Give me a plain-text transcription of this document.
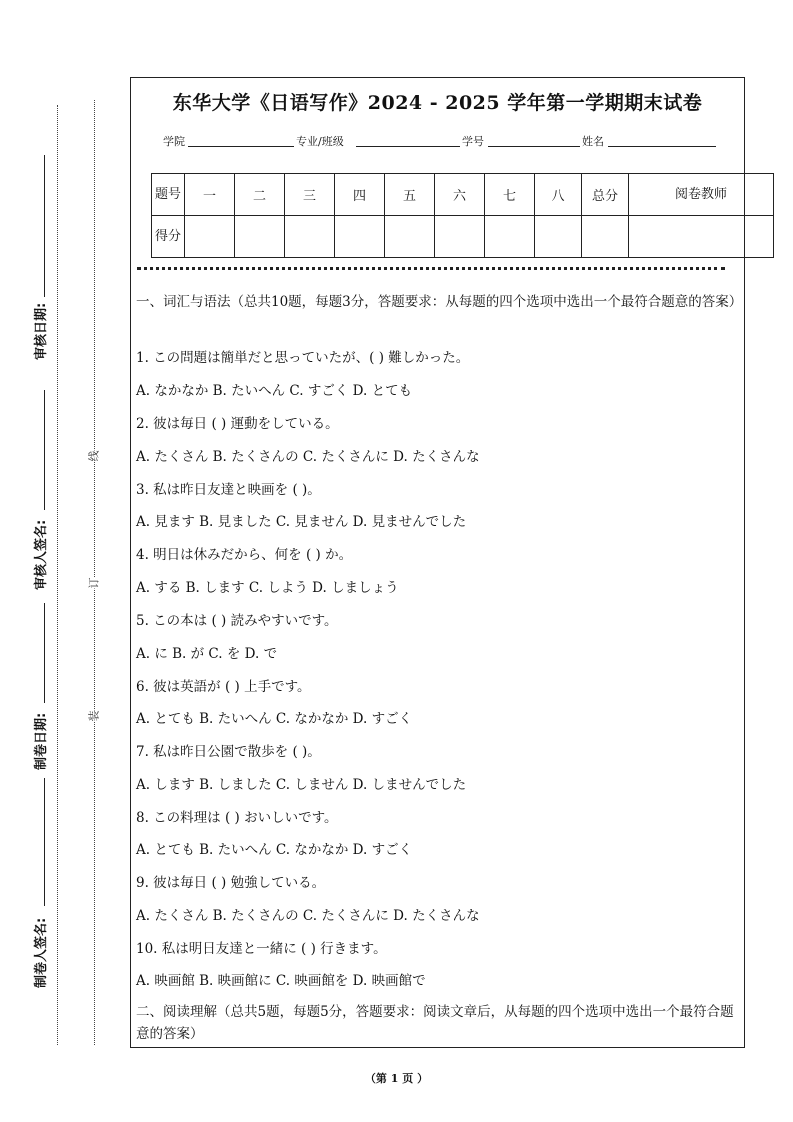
审核日期:
审核人签名:
制卷日期:
制卷人签名:
线
订
装
东华大学《日语写作》2024 - 2025 学年第一学期期末试卷
学院	专业/班级	学号	姓名
题号	一	二	三	四	五	六	七	八	总分	阅卷教师
得分										
一、词汇与语法（总共10题，每题3分，答题要求：从每题的四个选项中选出一个最符合题意的答案）
1. この問題は簡単だと思っていたが、( ) 難しかった。
A. なかなか B. たいへん C. すごく D. とても
2. 彼は毎日 ( ) 運動をしている。
A. たくさん B. たくさんの C. たくさんに D. たくさんな
3. 私は昨日友達と映画を ( )。
A. 見ます B. 見ました C. 見ません D. 見ませんでした
4. 明日は休みだから、何を ( ) か。
A. する B. します C. しよう D. しましょう
5. この本は ( ) 読みやすいです。
A. に B. が C. を D. で
6. 彼は英語が ( ) 上手です。
A. とても B. たいへん C. なかなか D. すごく
7. 私は昨日公園で散歩を ( )。
A. します B. しました C. しません D. しませんでした
8. この料理は ( ) おいしいです。
A. とても B. たいへん C. なかなか D. すごく
9. 彼は毎日 ( ) 勉強している。
A. たくさん B. たくさんの C. たくさんに D. たくさんな
10. 私は明日友達と一緒に ( ) 行きます。
A. 映画館 B. 映画館に C. 映画館を D. 映画館で
二、阅读理解（总共5题，每题5分，答题要求：阅读文章后，从每题的四个选项中选出一个最符合题意的答案）
（第 1 页 ）
